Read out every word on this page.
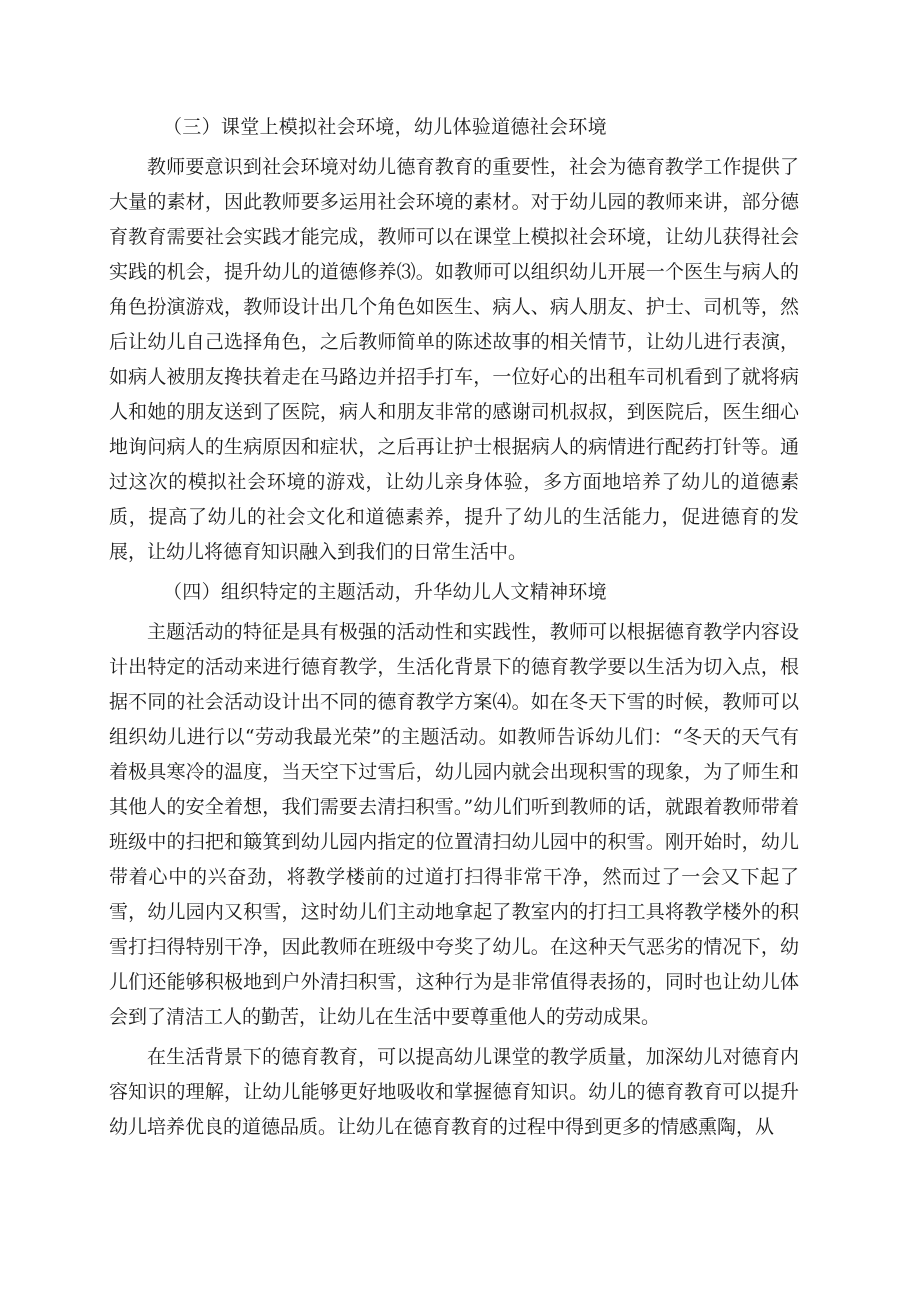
（三）课堂上模拟社会环境，幼儿体验道德社会环境

教师要意识到社会环境对幼儿德育教育的重要性，社会为德育教学工作提供了大量的素材，因此教师要多运用社会环境的素材。对于幼儿园的教师来讲，部分德育教育需要社会实践才能完成，教师可以在课堂上模拟社会环境，让幼儿获得社会实践的机会，提升幼儿的道德修养⑶。如教师可以组织幼儿开展一个医生与病人的角色扮演游戏，教师设计出几个角色如医生、病人、病人朋友、护士、司机等，然后让幼儿自己选择角色，之后教师简单的陈述故事的相关情节，让幼儿进行表演，如病人被朋友搀扶着走在马路边并招手打车，一位好心的出租车司机看到了就将病人和她的朋友送到了医院，病人和朋友非常的感谢司机叔叔，到医院后，医生细心地询问病人的生病原因和症状，之后再让护士根据病人的病情进行配药打针等。通过这次的模拟社会环境的游戏，让幼儿亲身体验，多方面地培养了幼儿的道德素质，提高了幼儿的社会文化和道德素养，提升了幼儿的生活能力，促进德育的发展，让幼儿将德育知识融入到我们的日常生活中。

（四）组织特定的主题活动，升华幼儿人文精神环境

主题活动的特征是具有极强的活动性和实践性，教师可以根据德育教学内容设计出特定的活动来进行德育教学，生活化背景下的德育教学要以生活为切入点，根据不同的社会活动设计出不同的德育教学方案⑷。如在冬天下雪的时候，教师可以组织幼儿进行以“劳动我最光荣”的主题活动。如教师告诉幼儿们：“冬天的天气有着极具寒冷的温度，当天空下过雪后，幼儿园内就会出现积雪的现象，为了师生和其他人的安全着想，我们需要去清扫积雪。”幼儿们听到教师的话，就跟着教师带着班级中的扫把和簸箕到幼儿园内指定的位置清扫幼儿园中的积雪。刚开始时，幼儿带着心中的兴奋劲，将教学楼前的过道打扫得非常干净，然而过了一会又下起了雪，幼儿园内又积雪，这时幼儿们主动地拿起了教室内的打扫工具将教学楼外的积雪打扫得特别干净，因此教师在班级中夸奖了幼儿。在这种天气恶劣的情况下，幼儿们还能够积极地到户外清扫积雪，这种行为是非常值得表扬的，同时也让幼儿体会到了清洁工人的勤苦，让幼儿在生活中要尊重他人的劳动成果。

在生活背景下的德育教育，可以提高幼儿课堂的教学质量，加深幼儿对德育内容知识的理解，让幼儿能够更好地吸收和掌握德育知识。幼儿的德育教育可以提升幼儿培养优良的道德品质。让幼儿在德育教育的过程中得到更多的情感熏陶，从
